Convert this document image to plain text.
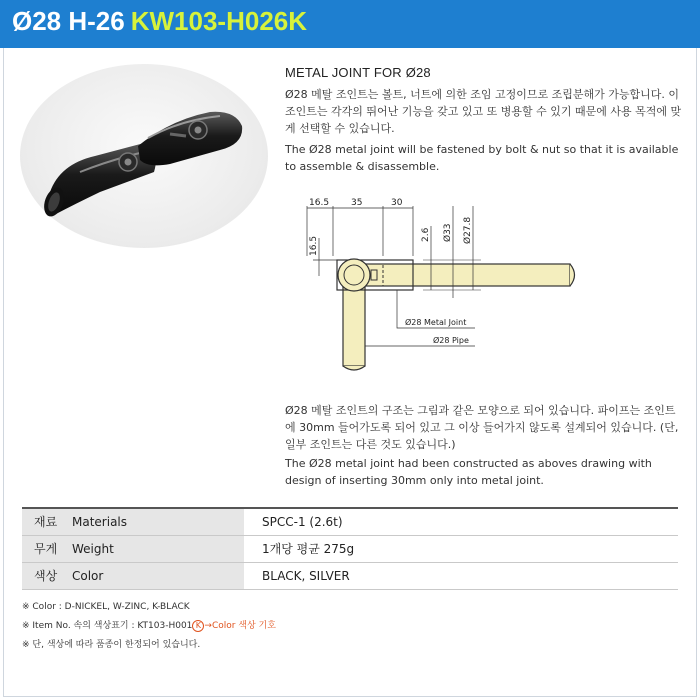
Ø28 H-26 KW103-H026K
METAL JOINT FOR Ø28
Ø28 메탈 조인트는 볼트, 너트에 의한 조임 고정이므로 조립분해가 가능합니다. 이 조인트는 각각의 뛰어난 기능을 갖고 있고 또 병용할 수 있기 때문에 사용 목적에 맞게 선택할 수 있습니다.
The Ø28 metal joint will be fastened by bolt & nut so that it is available to assemble & disassemble.
16.5 35	30
16.5
2.6 Ø33 Ø27.8
Ø28 Metal Joint
Ø28 Pipe
Ø28 메탈 조인트의 구조는 그림과 같은 모양으로 되어 있습니다. 파이프는 조인트에 30mm 들어가도록 되어 있고 그 이상 들어가지 않도록 설계되어 있습니다. (단, 일부 조인트는 다른 것도 있습니다.)
The Ø28 metal joint had been constructed as aboves drawing with design of inserting 30mm only into metal joint.
재료 Materials	SPCC-1 (2.6t)
무게 Weight	1개당 평균 275g
색상 Color	BLACK, SILVER
※ Color : D-NICKEL, W-ZINC, K-BLACK
※ Item No. 속의 색상표기 : KT103-H001 K →Color 색상 기호
※ 단, 색상에 따라 품종이 한정되어 있습니다.
